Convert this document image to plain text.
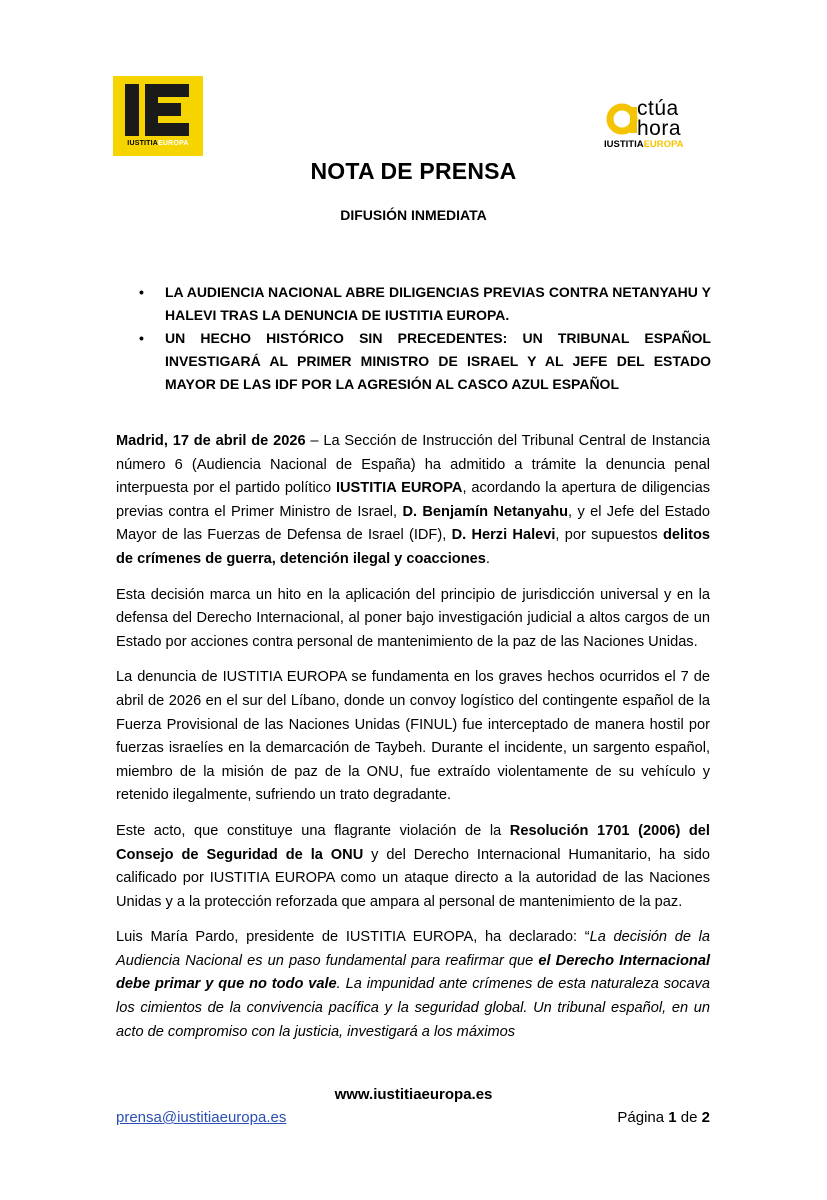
IUSTITIAEUROPA
ctúa
hora
IUSTITIAEUROPA
NOTA DE PRENSA
DIFUSIÓN INMEDIATA
• LA AUDIENCIA NACIONAL ABRE DILIGENCIAS PREVIAS CONTRA NETANYAHU Y HALEVI TRAS LA DENUNCIA DE IUSTITIA EUROPA.
• UN HECHO HISTÓRICO SIN PRECEDENTES: UN TRIBUNAL ESPAÑOL INVESTIGARÁ AL PRIMER MINISTRO DE ISRAEL Y AL JEFE DEL ESTADO MAYOR DE LAS IDF POR LA AGRESIÓN AL CASCO AZUL ESPAÑOL

Madrid, 17 de abril de 2026 – La Sección de Instrucción del Tribunal Central de Instancia número 6 (Audiencia Nacional de España) ha admitido a trámite la denuncia penal interpuesta por el partido político IUSTITIA EUROPA, acordando la apertura de diligencias previas contra el Primer Ministro de Israel, D. Benjamín Netanyahu, y el Jefe del Estado Mayor de las Fuerzas de Defensa de Israel (IDF), D. Herzi Halevi, por supuestos delitos de crímenes de guerra, detención ilegal y coacciones.

Esta decisión marca un hito en la aplicación del principio de jurisdicción universal y en la defensa del Derecho Internacional, al poner bajo investigación judicial a altos cargos de un Estado por acciones contra personal de mantenimiento de la paz de las Naciones Unidas.

La denuncia de IUSTITIA EUROPA se fundamenta en los graves hechos ocurridos el 7 de abril de 2026 en el sur del Líbano, donde un convoy logístico del contingente español de la Fuerza Provisional de las Naciones Unidas (FINUL) fue interceptado de manera hostil por fuerzas israelíes en la demarcación de Taybeh. Durante el incidente, un sargento español, miembro de la misión de paz de la ONU, fue extraído violentamente de su vehículo y retenido ilegalmente, sufriendo un trato degradante.

Este acto, que constituye una flagrante violación de la Resolución 1701 (2006) del Consejo de Seguridad de la ONU y del Derecho Internacional Humanitario, ha sido calificado por IUSTITIA EUROPA como un ataque directo a la autoridad de las Naciones Unidas y a la protección reforzada que ampara al personal de mantenimiento de la paz.

Luis María Pardo, presidente de IUSTITIA EUROPA, ha declarado: “La decisión de la Audiencia Nacional es un paso fundamental para reafirmar que el Derecho Internacional debe primar y que no todo vale. La impunidad ante crímenes de esta naturaleza socava los cimientos de la convivencia pacífica y la seguridad global. Un tribunal español, en un acto de compromiso con la justicia, investigará a los máximos

www.iustitiaeuropa.es
prensa@iustitiaeuropa.es	Página 1 de 2
